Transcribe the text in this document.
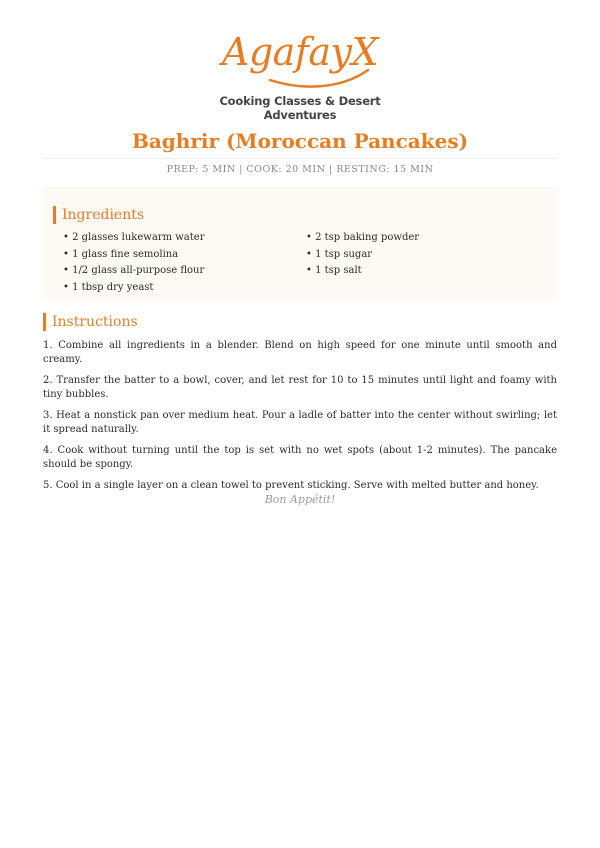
AgafayX
Cooking Classes & Desert Adventures
Baghrir (Moroccan Pancakes)
PREP: 5 MIN | COOK: 20 MIN | RESTING: 15 MIN
Ingredients
• 2 glasses lukewarm water
• 1 glass fine semolina
• 1/2 glass all-purpose flour
• 1 tbsp dry yeast
• 2 tsp baking powder
• 1 tsp sugar
• 1 tsp salt
Instructions

1. Combine all ingredients in a blender. Blend on high speed for one minute until smooth and creamy.

2. Transfer the batter to a bowl, cover, and let rest for 10 to 15 minutes until light and foamy with tiny bubbles.

3. Heat a nonstick pan over medium heat. Pour a ladle of batter into the center without swirling; let it spread naturally.

4. Cook without turning until the top is set with no wet spots (about 1-2 minutes). The pancake should be spongy.

5. Cool in a single layer on a clean towel to prevent sticking. Serve with melted butter and honey.

Bon Appétit!
